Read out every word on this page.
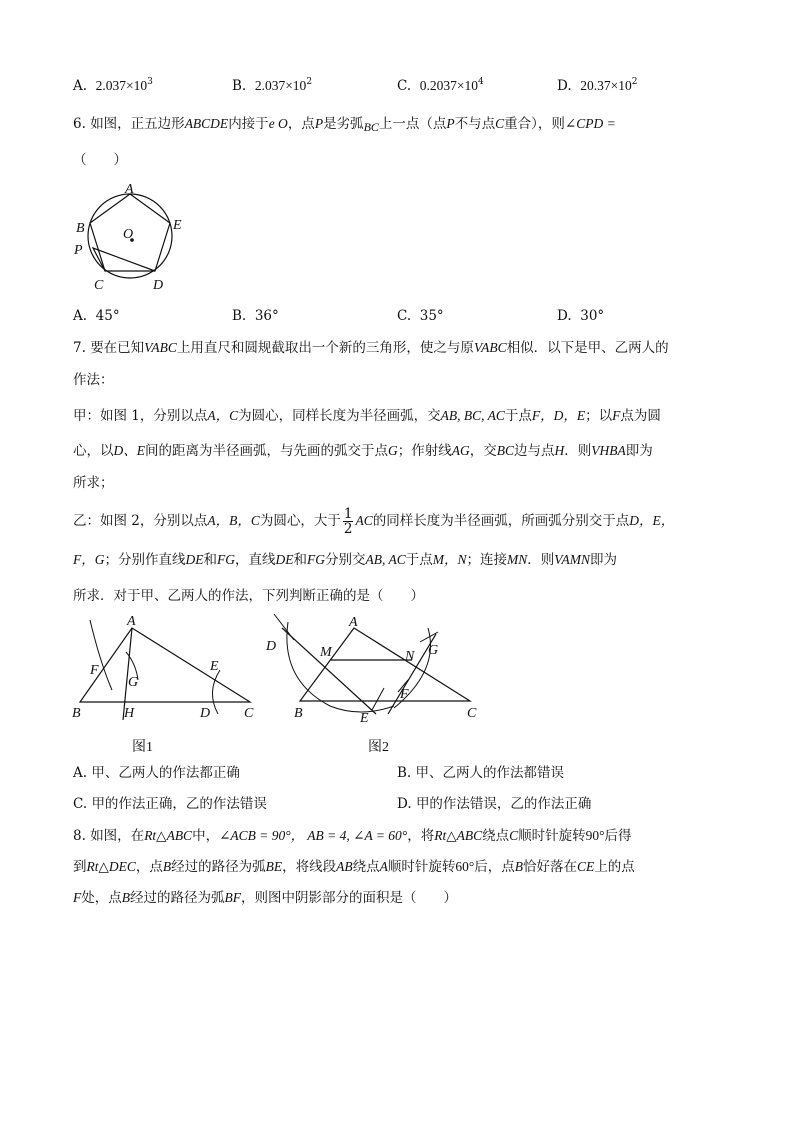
A. $2.037\times 10^3$	B. $2.037\times 10^2$	C. $0.2037\times 10^4$	D. $20.37\times 10^2$
6. 如图，正五边形ABCDE内接于e O，点P是劣弧BC上一点（点P不与点C重合），则∠CPD =
（　　）
A
B
P
C	D
E
O
A. 45°	B. 36°	C. 35°	D. 30°
7. 要在已知VABC上用直尺和圆规截取出一个新的三角形，使之与原VABC相似．以下是甲、乙两人的
作法：
甲：如图 1，分别以点A，C为圆心，同样长度为半径画弧，交AB, BC, AC于点F，D，E；以F点为圆
心，以D、E间的距离为半径画弧，与先画的弧交于点G；作射线AG，交BC边与点H．则VHBA即为
所求；
乙：如图 2，分别以点A，B，C为圆心，大于 $\frac{1}{2}$ AC的同样长度为半径画弧，所画弧分别交于点D，E，
F，G；分别作直线DE和FG，直线DE和FG分别交AB, AC于点M，N；连接MN．则VAMN即为
所求．对于甲、乙两人的作法，下列判断正确的是（　　）
A
F
G
E
B	H	D C
图1
A
D	M	N G
F
B	E	C
图2
A. 甲、乙两人的作法都正确	B. 甲、乙两人的作法都错误
C. 甲的作法正确，乙的作法错误	D. 甲的作法错误，乙的作法正确
8. 如图，在Rt△ABC中，∠ACB = 90°， AB = 4, ∠A = 60°，将Rt△ABC绕点C顺时针旋转90°后得
到Rt△DEC，点B经过的路径为弧BE，将线段AB绕点A顺时针旋转60°后，点B恰好落在CE上的点
F处，点B经过的路径为弧BF，则图中阴影部分的面积是（　　）
